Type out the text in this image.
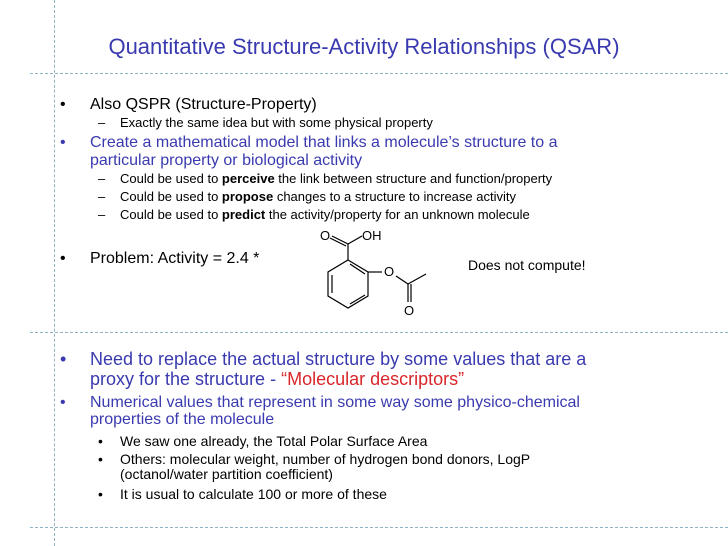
Quantitative Structure-Activity Relationships (QSAR)
• Also QSPR (Structure-Property)
– Exactly the same idea but with some physical property
• Create a mathematical model that links a molecule’s structure to a
particular property or biological activity
– Could be used to perceive the link between structure and function/property
– Could be used to propose changes to a structure to increase activity
– Could be used to predict the activity/property for an unknown molecule
• Problem: Activity = 2.4 *	Does not compute!
O OH
O
O
• Need to replace the actual structure by some values that are a
proxy for the structure - “Molecular descriptors”
• Numerical values that represent in some way some physico-chemical
properties of the molecule
• We saw one already, the Total Polar Surface Area
• Others: molecular weight, number of hydrogen bond donors, LogP
(octanol/water partition coefficient)
• It is usual to calculate 100 or more of these
